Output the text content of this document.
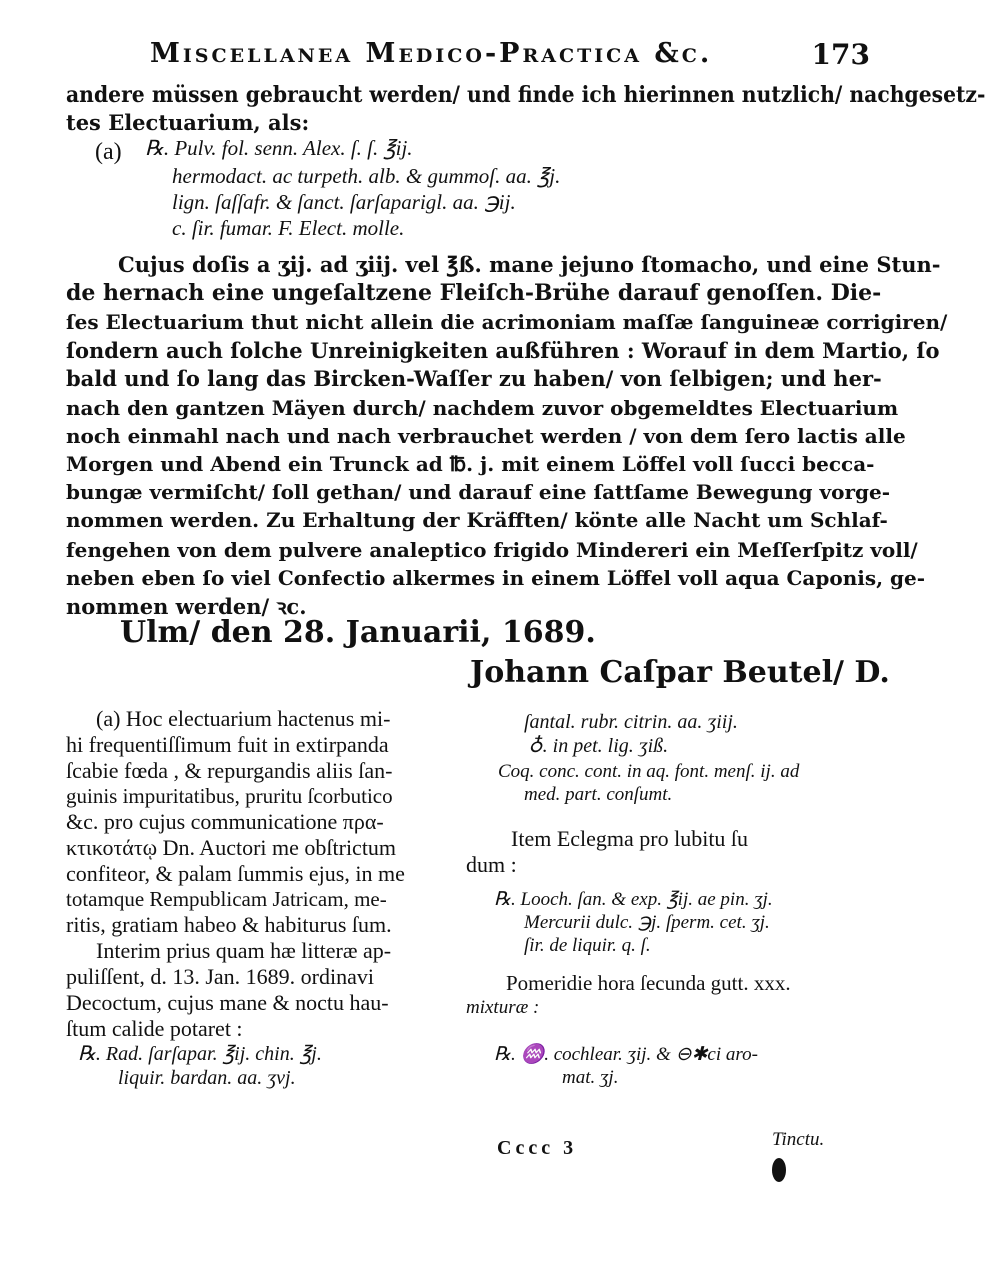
Miscellanea Medico-Practica &c.	173
andere müssen gebraucht werden/ und finde ich hierinnen nutzlich/ nachgesetz-
tes Electuarium, als:
(a) ℞. Pulv. fol. senn. Alex. ſ. ſ. ℥ij.
hermodact. ac turpeth. alb. & gummoſ. aa. ℥j.
lign. ſaſſafr. & ſanct. ſarſaparigl. aa. ℈ij.
c. ſir. fumar. F. Elect. molle.
Cujus doſis a ʒij. ad ʒiij. vel ℥ß. mane jejuno ſtomacho, und eine Stun-
de hernach eine ungeſaltzene Fleiſch-Brühe darauf genoſſen. Die-
ſes Electuarium thut nicht allein die acrimoniam maſſæ ſanguineæ corrigiren/
ſondern auch ſolche Unreinigkeiten außführen : Worauf in dem Martio, ſo
bald und ſo lang das Bircken-Waſſer zu haben/ von ſelbigen; und her-
nach den gantzen Mäyen durch/ nachdem zuvor obgemeldtes Electuarium
noch einmahl nach und nach verbrauchet werden / von dem ſero lactis alle
Morgen und Abend ein Trunck ad ℔. j. mit einem Löffel voll ſucci becca-
bungæ vermiſcht/ ſoll gethan/ und darauf eine ſattſame Bewegung vorge-
nommen werden. Zu Erhaltung der Kräfften/ könte alle Nacht um Schlaf-
fengehen von dem pulvere analeptico frigido Mindereri ein Meſſerſpitz voll/
neben eben ſo viel Confectio alkermes in einem Löffel voll aqua Caponis, ge-
nommen werden/ ꝛc.
Ulm/ den 28. Januarii, 1689.
Johann Caſpar Beutel/ D.
(a) Hoc electuarium hactenus mi-
hi frequentiſſimum fuit in extirpanda
ſcabie fœda , & repurgandis aliis ſan-
guinis impuritatibus, pruritu ſcorbutico
&c. pro cujus communicatione πρα-
κτικοτάτῳ Dn. Auctori me obſtrictum
confiteor, & palam ſummis ejus, in me
totamque Rempublicam Jatricam, me-
ritis, gratiam habeo & habiturus ſum.
Interim prius quam hæ litteræ ap-
puliſſent, d. 13. Jan. 1689. ordinavi
Decoctum, cujus mane & noctu hau-
ſtum calide potaret :
℞. Rad. ſarſapar. ℥ij. chin. ℥j.
liquir. bardan. aa. ʒvj.
ſantal. rubr. citrin. aa. ʒiij.
♁. in pet. lig. ʒiß.
Coq. conc. cont. in aq. font. menſ. ij. ad
med. part. conſumt.
Item Eclegma pro lubitu ſu
dum :
℞. Looch. ſan. & exp. ℥ij. ae pin. ʒj.
Mercurii dulc. ℈j. ſperm. cet. ʒj.
ſir. de liquir. q. ſ.
Pomeridie hora ſecunda gutt. xxx.
mixturæ :
℞. ♒. cochlear. ʒij. & ⊖✱ci aro-
mat. ʒj.
Cccc 3	Tinctu.
